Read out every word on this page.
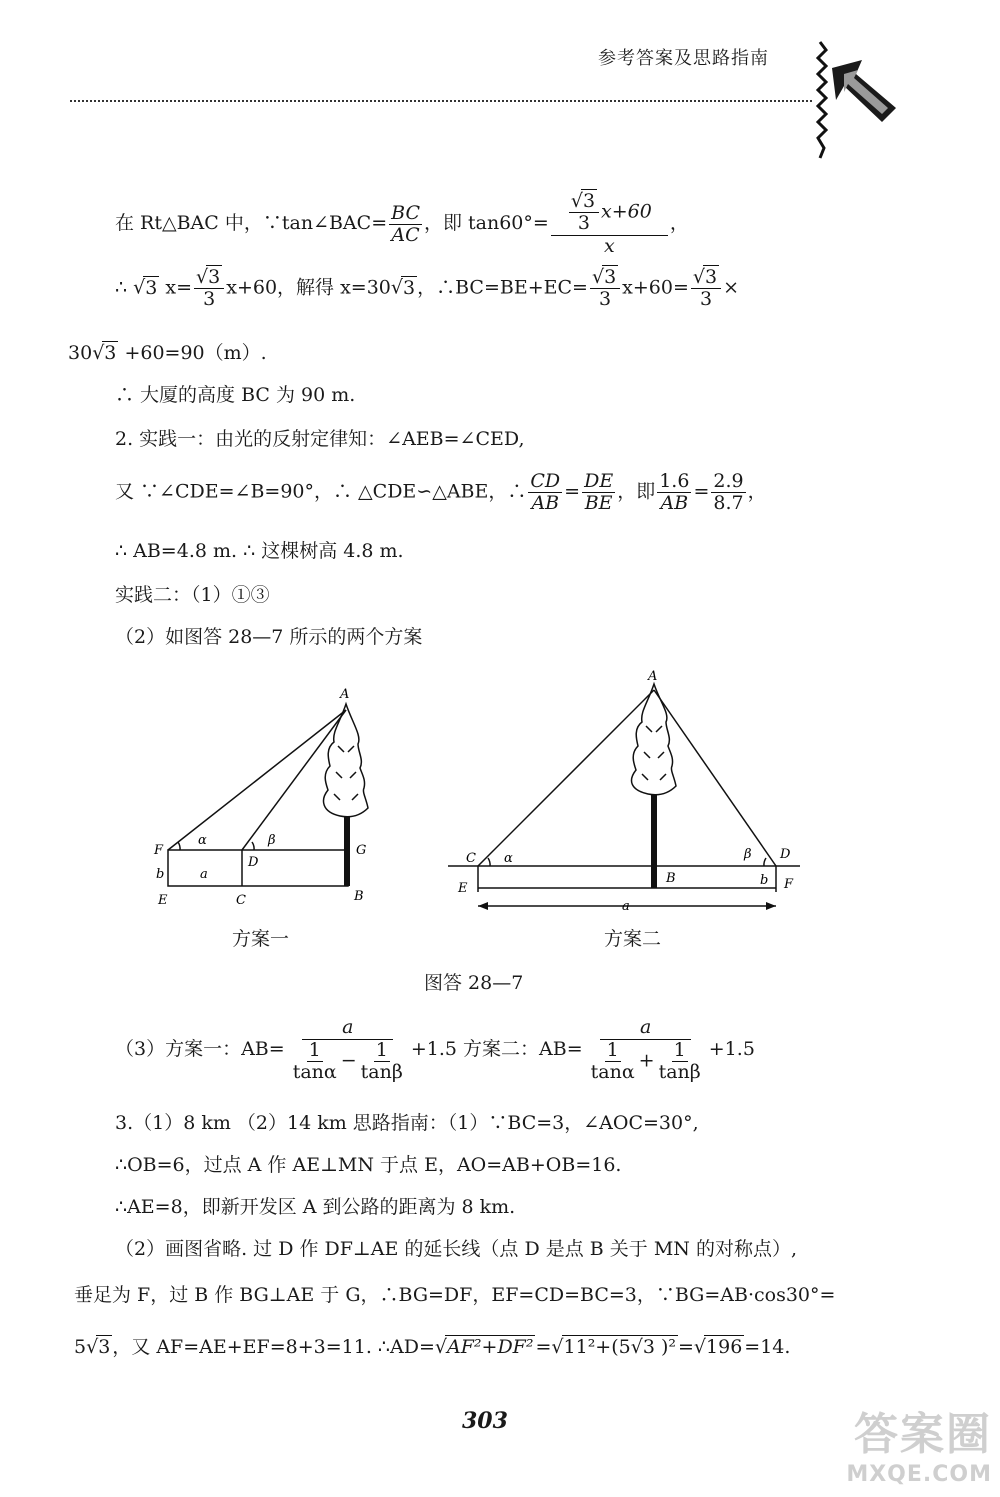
参考答案及思路指南
在 Rt△BAC 中，∵tan∠BAC= $\frac{BC}{AC}$ ，即 $\tan 60^\circ= \frac{\frac{√3}{3} x+60}{x}$ ，
∴ √3 $x= \frac{√3}{3} x+60$，解得 x=30√3 ，∴BC=BE+EC= $\frac{√3}{3} x+60= \frac{√3}{3}$ ×
30√3 +60=90（m）.
∴ 大厦的高度 BC 为 90 m.
2. 实践一：由光的反射定律知：∠AEB=∠CED,
又 ∵∠CDE=∠B=90°，∴ △CDE∽△ABE，∴ $\frac{CD}{AB} = \frac{DE}{BE}$ ，即 $\frac{1.6}{AB} = \frac{2.9}{8.7}$ ，
∴ AB=4.8 m. ∴ 这棵树高 4.8 m.
实践二：（1）①③
（2）如图答 28—7 所示的两个方案
A
F
α	β
D
G
b	a
E	C	B
A
C α	β D
E
B	b F
a
方案一	方案二
图答 28—7
（3）方案一：$AB= \frac{a}{\frac{1}{\tan\alpha} - \frac{1}{\tan\beta}} +1.5$ 方案二：$AB= \frac{a}{\frac{1}{\tan\alpha} + \frac{1}{\tan\beta}} +1.5$
3.（1）8 km （2）14 km 思路指南：（1）∵BC=3，∠AOC=30°,
∴OB=6，过点 A 作 AE⊥MN 于点 E，AO=AB+OB=16.
∴AE=8，即新开发区 A 到公路的距离为 8 km.
（2）画图省略. 过 D 作 DF⊥AE 的延长线（点 D 是点 B 关于 MN 的对称点）,
垂足为 F，过 B 作 BG⊥AE 于 G，∴BG=DF，EF=CD=BC=3，∵BG=AB·cos30°=
5√3 ，又 AF=AE+EF=8+3=11. ∴AD=√AF²+DF² =√11²+(5√3 )² =√196 =14.
303	答案圈
MXQE.COM
